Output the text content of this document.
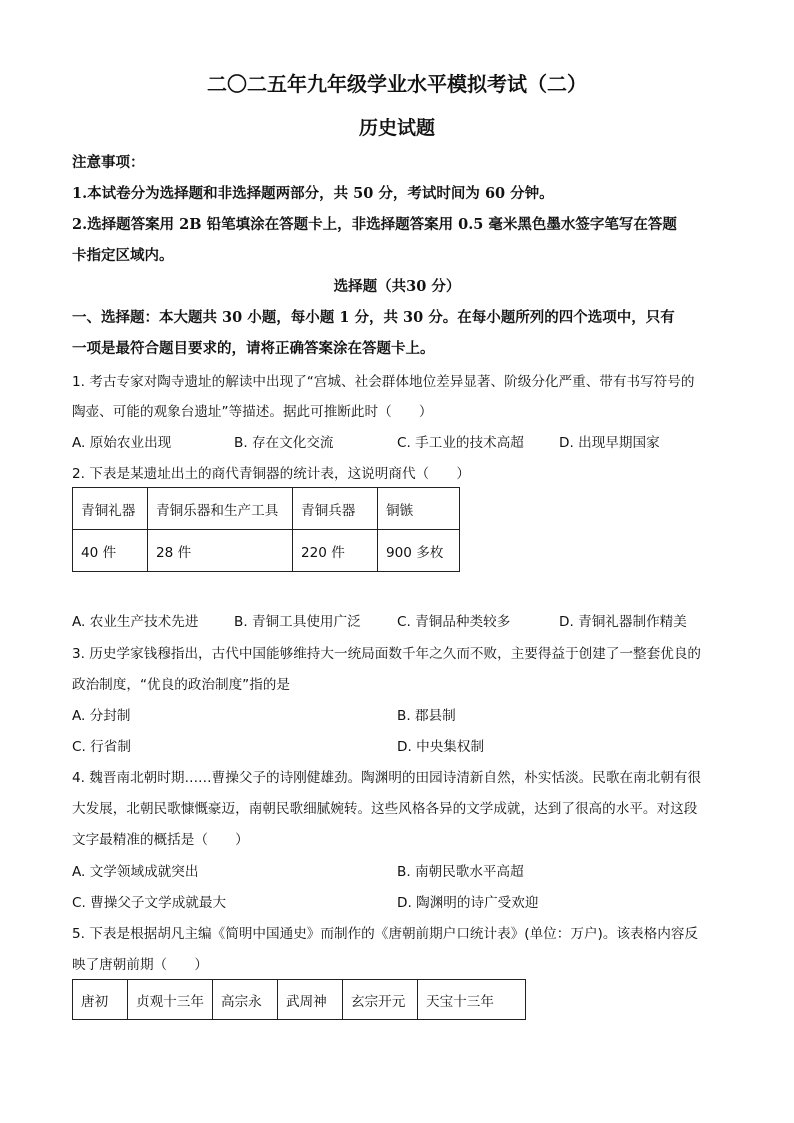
二〇二五年九年级学业水平模拟考试（二）
历史试题
注意事项：
1.本试卷分为选择题和非选择题两部分，共 50 分，考试时间为 60 分钟。
2.选择题答案用 2B 铅笔填涂在答题卡上，非选择题答案用 0.5 毫米黑色墨水签字笔写在答题
卡指定区域内。
选择题（共30 分）
一、选择题：本大题共 30 小题，每小题 1 分，共 30 分。在每小题所列的四个选项中，只有
一项是最符合题目要求的，请将正确答案涂在答题卡上。
1. 考古专家对陶寺遗址的解读中出现了“宫城、社会群体地位差异显著、阶级分化严重、带有书写符号的
陶壶、可能的观象台遗址”等描述。据此可推断此时（　　）
A. 原始农业出现	B. 存在文化交流	C. 手工业的技术高超	D. 出现早期国家
2. 下表是某遗址出土的商代青铜器的统计表，这说明商代（　　）
青铜礼器	青铜乐器和生产工具	青铜兵器	铜镞
40 件	28 件	220 件	900 多枚
A. 农业生产技术先进	B. 青铜工具使用广泛	C. 青铜品种类较多	D. 青铜礼器制作精美
3. 历史学家钱穆指出，古代中国能够维持大一统局面数千年之久而不败，主要得益于创建了一整套优良的
政治制度，“优良的政治制度”指的是
A. 分封制	B. 郡县制
C. 行省制	D. 中央集权制
4. 魏晋南北朝时期……曹操父子的诗刚健雄劲。陶渊明的田园诗清新自然，朴实恬淡。民歌在南北朝有很
大发展，北朝民歌慷慨豪迈，南朝民歌细腻婉转。这些风格各异的文学成就，达到了很高的水平。对这段
文字最精准的概括是（　　）
A. 文学领域成就突出	B. 南朝民歌水平高超
C. 曹操父子文学成就最大	D. 陶渊明的诗广受欢迎
5. 下表是根据胡凡主编《简明中国通史》而制作的《唐朝前期户口统计表》(单位：万户)。该表格内容反
映了唐朝前期（　　）
唐初	贞观十三年	高宗永	武周神	玄宗开元	天宝十三年
